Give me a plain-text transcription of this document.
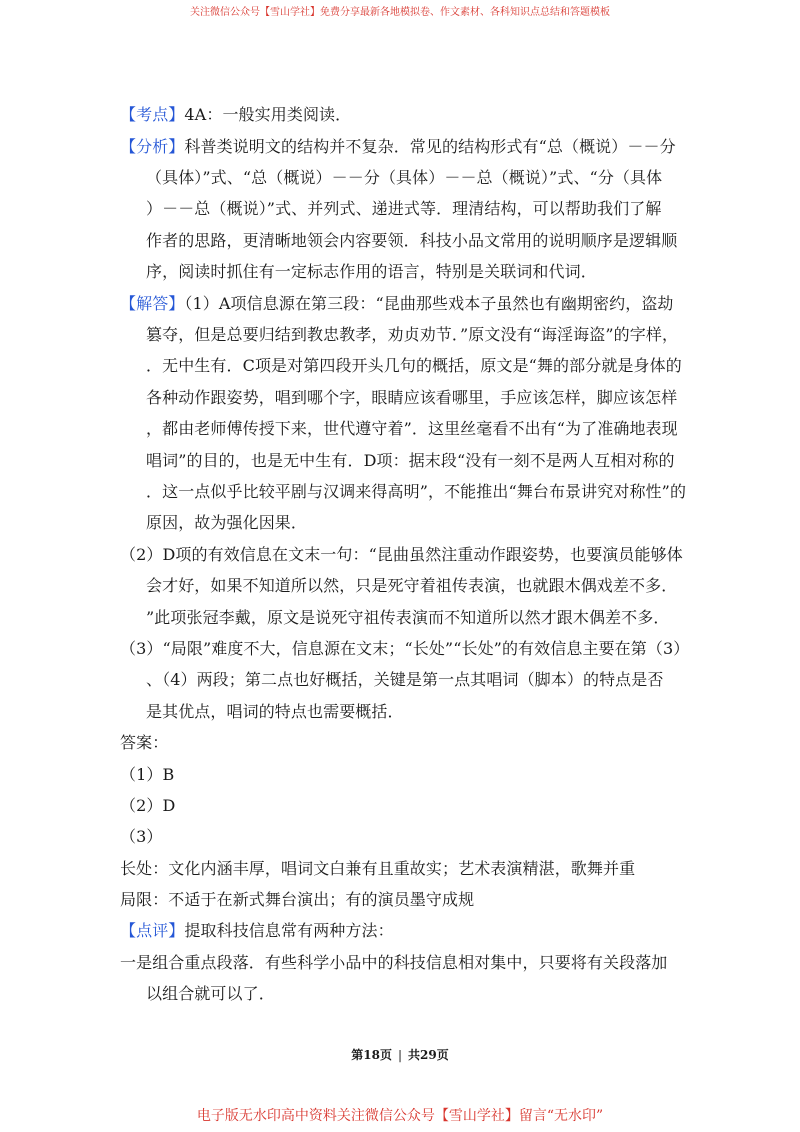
关注微信公众号【雪山学社】免费分享最新各地模拟卷、作文素材、各科知识点总结和答题模板
【考点】4A：一般实用类阅读．
【分析】科普类说明文的结构并不复杂．常见的结构形式有“总（概说）－－分
（具体）”式、“总（概说）－－分（具体）－－总（概说）”式、“分（具体
）－－总（概说）”式、并列式、递进式等．理清结构，可以帮助我们了解
作者的思路，更清晰地领会内容要领．科技小品文常用的说明顺序是逻辑顺
序，阅读时抓住有一定标志作用的语言，特别是关联词和代词．
【解答】（1）A项信息源在第三段：“昆曲那些戏本子虽然也有幽期密约，盗劫
篡夺，但是总要归结到教忠教孝，劝贞劝节．”原文没有“诲淫诲盗”的字样，
．无中生有．C项是对第四段开头几句的概括，原文是“舞的部分就是身体的
各种动作跟姿势，唱到哪个字，眼睛应该看哪里，手应该怎样，脚应该怎样
，都由老师傅传授下来，世代遵守着”．这里丝毫看不出有“为了准确地表现
唱词”的目的，也是无中生有．D项：据末段“没有一刻不是两人互相对称的
．这一点似乎比较平剧与汉调来得高明”，不能推出“舞台布景讲究对称性”的
原因，故为强化因果．
（2）D项的有效信息在文末一句：“昆曲虽然注重动作跟姿势，也要演员能够体
会才好，如果不知道所以然，只是死守着祖传表演，也就跟木偶戏差不多．
”此项张冠李戴，原文是说死守祖传表演而不知道所以然才跟木偶差不多．
（3）“局限”难度不大，信息源在文末；“长处”“长处”的有效信息主要在第（3）
、（4）两段；第二点也好概括，关键是第一点其唱词（脚本）的特点是否
是其优点，唱词的特点也需要概括．
答案：
（1）B
（2）D
（3）
长处：文化内涵丰厚，唱词文白兼有且重故实；艺术表演精湛，歌舞并重
局限：不适于在新式舞台演出；有的演员墨守成规
【点评】提取科技信息常有两种方法：
一是组合重点段落．有些科学小品中的科技信息相对集中，只要将有关段落加
以组合就可以了．
第18页 | 共29页
电子版无水印高中资料关注微信公众号【雪山学社】留言“无水印”
